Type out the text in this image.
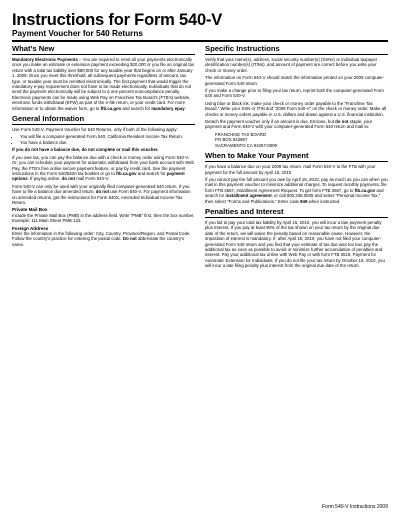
Instructions for Form 540-V
Payment Voucher for 540 Returns
What’s New

Mandatory Electronic Payments – You are required to remit all your payments electronically once you make an estimate or extension payment exceeding $20,000 or you file an original tax return with a total tax liability over $80,000 for any taxable year that begins on or after January 1, 2009. Once you meet this threshold, all subsequent payments regardless of amount, tax type, or taxable year must be remitted electronically. The first payment that would trigger the mandatory e-pay requirement does not have to be made electronically. Individuals that do not send the payment electronically will be subject to a one percent noncompliance penalty. Electronic payments can be made using Web Pay on Franchise Tax Board’s (FTB’s) website, electronic funds withdrawal (EFW) as part of the e-file return, or your credit card. For more information or to obtain the waiver form, go to ftb.ca.gov and search for mandatory epay.

General Information

Use Form 540-V, Payment Voucher for 540 Returns, only if both of the following apply:

• You will file a computer-generated Form 540, California Resident Income Tax Return.
• You have a balance due.

If you do not have a balance due, do not complete or mail this voucher.

If you owe tax, you can pay the balance due with a check or money order using Form 540-V. Or, you can schedule your payment for automatic withdrawal from your bank account with Web Pay, the FTB’s free online secure payment feature, or pay by credit card. See the payment instructions in the Form 540/540A tax booklet or go to ftb.ca.gov and search for payment options. If paying online, do not mail Form 540-V.

Form 540-V can only be used with your originally filed computer-generated 540 return. If you have to file a balance due amended return, do not use Form 540-V. For payment information on amended returns, get the instructions for Form 540X, Amended Individual Income Tax Return.

Private Mail Box

Include the Private Mail Box (PMB) in the address field. Write “PMB” first, then the box number. Example: 111 Main Street PMB 123.

Foreign Address

Enter the information in the following order: City, Country, Province/Region, and Postal Code. Follow the country’s practice for entering the postal code. Do not abbreviate the country’s name.

Specific Instructions

Verify that your name(s), address, social security number(s) (SSNs) or individual taxpayer identification number(s) (ITINs), and amount of payment are correct before you write your check or money order.

The information on Form 540-V should match the information printed on your 2009 computer-generated Form 540 return.

If you make a change prior to filing your tax return, reprint both the computer-generated Form 540 and Form 540-V.

Using blue or black ink, make your check or money order payable to the “Franchise Tax Board.” Write your SSN or ITIN and “2009 Form 540-V” on the check or money order. Make all checks or money orders payable in U.S. dollars and drawn against a U.S. financial institution.

Detach the payment voucher only if an amount is due. Enclose, but do not staple, your payment and Form 540-V with your computer-generated Form 540 return and mail to:

FRANCHISE TAX BOARD
PO BOX 942867
SACRAMENTO CA 94267-0009
When to Make Your Payment

If you have a balance due on your 2009 tax return, mail Form 540-V to the FTB with your payment for the full amount by April 15, 2010.

If you cannot pay the full amount you owe by April 15, 2010, pay as much as you can when you mail in this payment voucher to minimize additional charges. To request monthly payments, file form FTB 3567, Installment Agreement Request. To get form FTB 3567, go to ftb.ca.gov and search for installment agreement, or call 800.338.0505 and select “Personal Income Tax,” then select “Forms and Publications.” Enter code 949 when instructed.

Penalties and Interest

If you fail to pay your total tax liability by April 15, 2010, you will incur a late payment penalty plus interest. If you pay at least 90% of the tax shown on your tax return by the original due date of the return, we will waive the penalty based on reasonable cause. However, the imposition of interest is mandatory. If, after April 15, 2010, you have not filed your computer-generated Form 540 return and you find that your estimate of tax due was too low, pay the additional tax as soon as possible to avoid or minimize further accumulation of penalties and interest. Pay your additional tax online with Web Pay or with form FTB 3519, Payment for Automatic Extension for Individuals. If you do not file your tax return by October 15, 2010, you will incur a late filing penalty plus interest from the original due date of the return.

Form 540-V Instructions 2009
